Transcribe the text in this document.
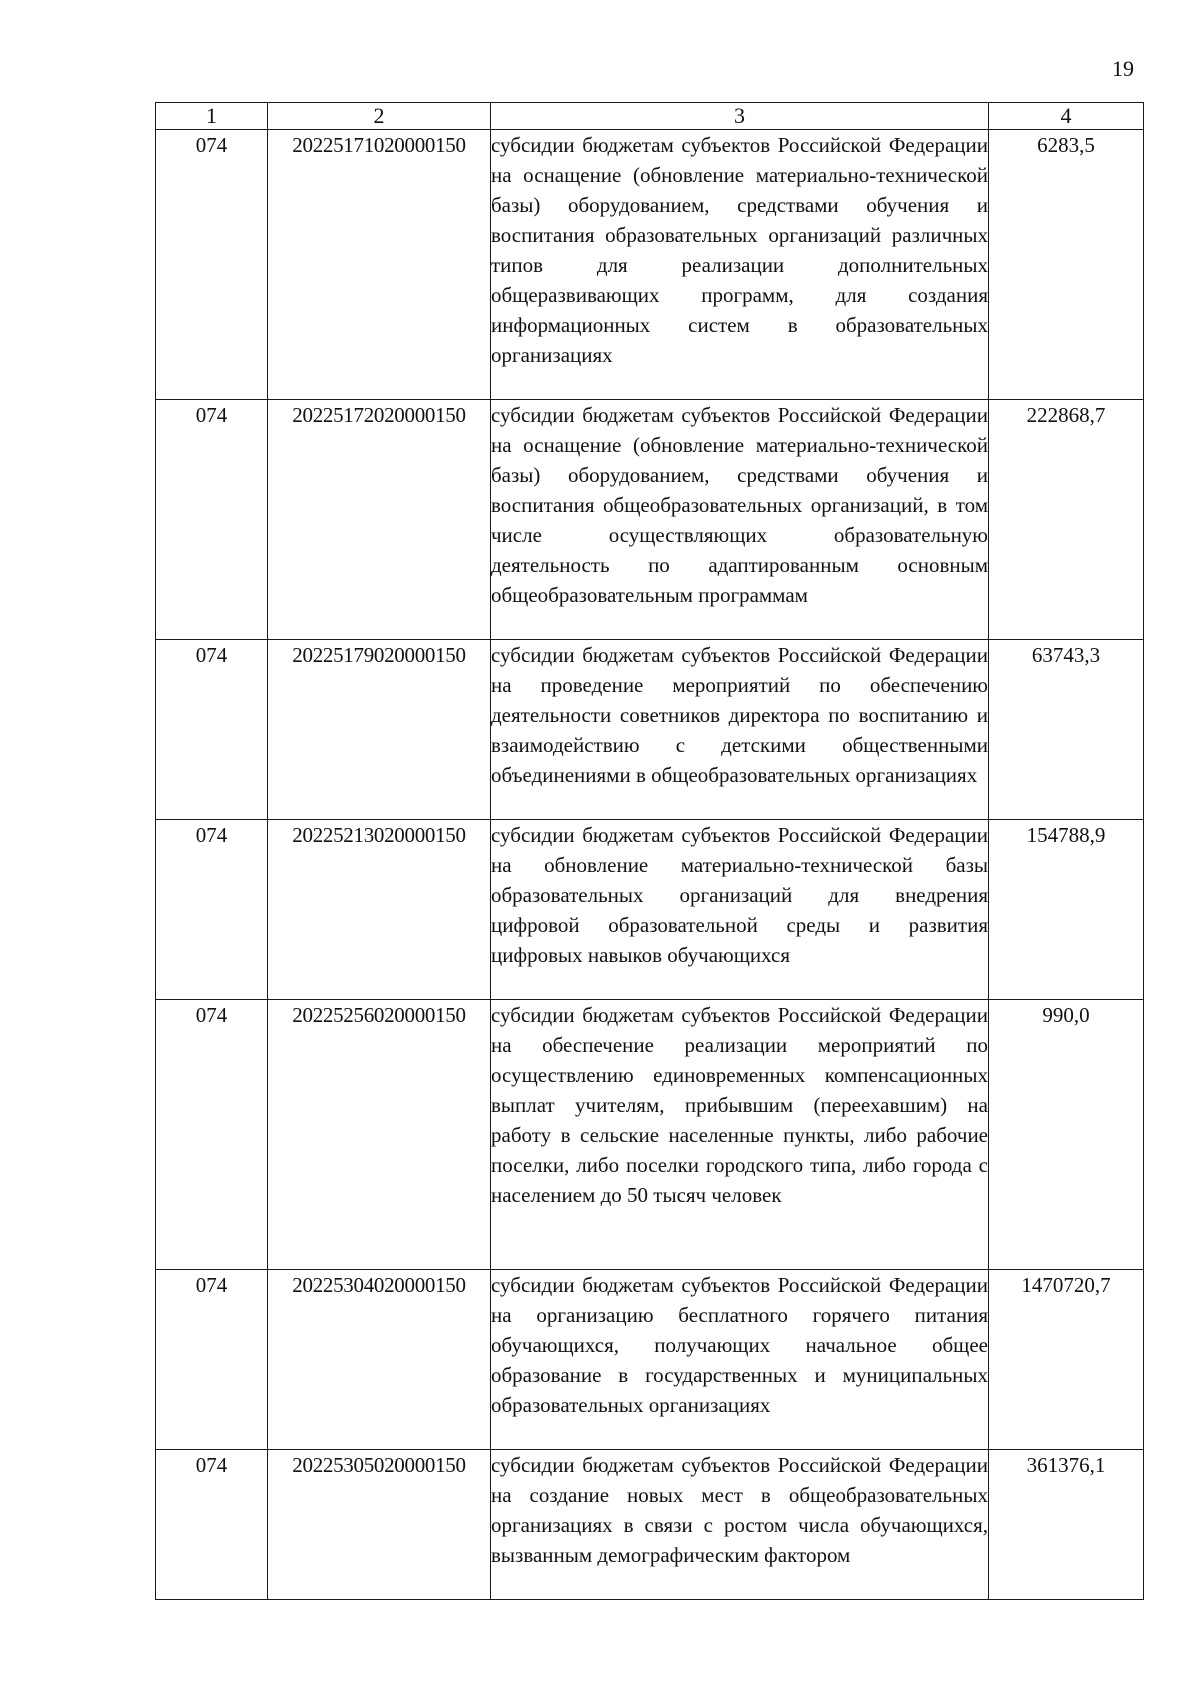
19
1	2	3	4
074	20225171020000150	субсидии бюджетам субъектов Российской Федерации на оснащение (обновление материально-технической базы) оборудованием, средствами обучения и воспитания образовательных организаций различных типов для реализации дополнительных общеразвивающих программ, для создания информационных систем в образовательных организациях	6283,5
074	20225172020000150	субсидии бюджетам субъектов Российской Федерации на оснащение (обновление материально-технической базы) оборудованием, средствами обучения и воспитания общеобразовательных организаций, в том числе осуществляющих образовательную деятельность по адаптированным основным общеобразовательным программам	222868,7
074	20225179020000150	субсидии бюджетам субъектов Российской Федерации на проведение мероприятий по обеспечению деятельности советников директора по воспитанию и взаимодействию с детскими общественными объединениями в общеобразовательных организациях	63743,3
074	20225213020000150	субсидии бюджетам субъектов Российской Федерации на обновление материально-технической базы образовательных организаций для внедрения цифровой образовательной среды и развития цифровых навыков обучающихся	154788,9
074	20225256020000150	субсидии бюджетам субъектов Российской Федерации на обеспечение реализации мероприятий по осуществлению единовременных компенсационных выплат учителям, прибывшим (переехавшим) на работу в сельские населенные пункты, либо рабочие поселки, либо поселки городского типа, либо города с населением до 50 тысяч человек	990,0
074	20225304020000150	субсидии бюджетам субъектов Российской Федерации на организацию бесплатного горячего питания обучающихся, получающих начальное общее образование в государственных и муниципальных образовательных организациях	1470720,7
074	20225305020000150	субсидии бюджетам субъектов Российской Федерации на создание новых мест в общеобразовательных организациях в связи с ростом числа обучающихся, вызванным демографическим фактором	361376,1
